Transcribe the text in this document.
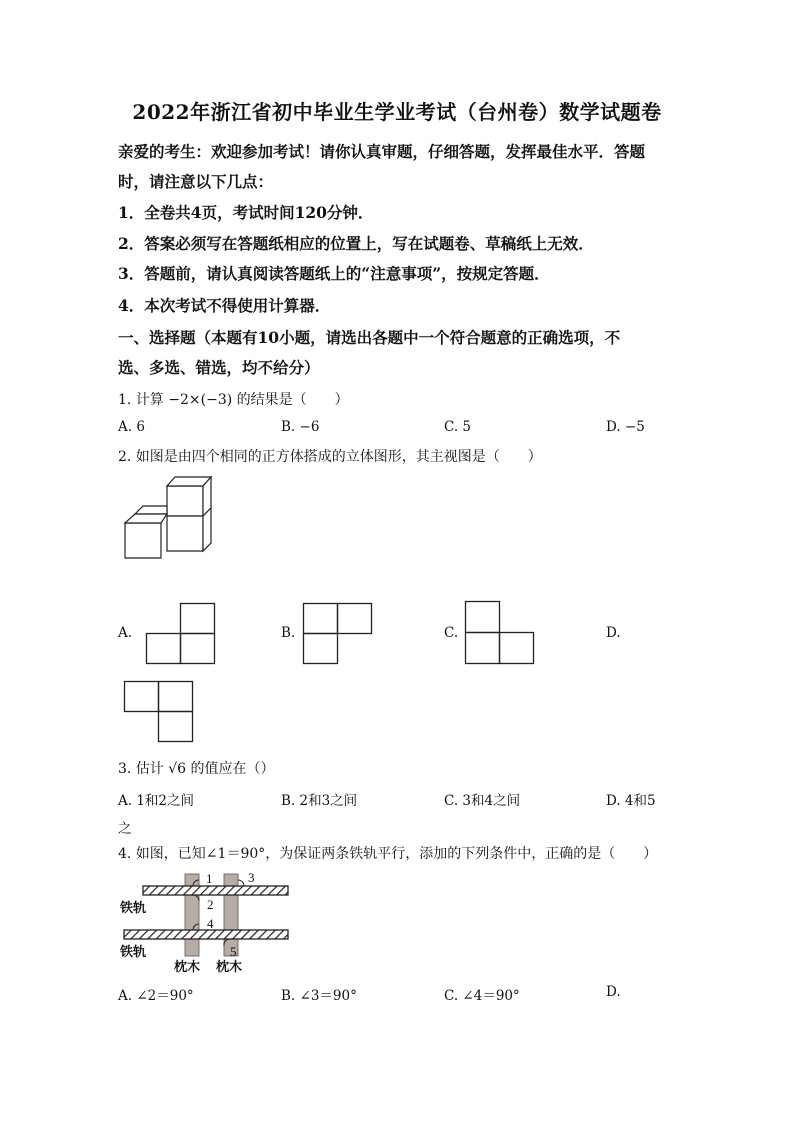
2022年浙江省初中毕业生学业考试（台州卷）数学试题卷
亲爱的考生：欢迎参加考试！请你认真审题，仔细答题，发挥最佳水平．答题
时，请注意以下几点：
1．全卷共4页，考试时间120分钟．
2．答案必须写在答题纸相应的位置上，写在试题卷、草稿纸上无效．
3．答题前，请认真阅读答题纸上的“注意事项”，按规定答题．
4．本次考试不得使用计算器．
一、选择题（本题有10小题，请选出各题中一个符合题意的正确选项，不
选、多选、错选，均不给分）
1. 计算 −2×(−3) 的结果是（　　）
A. 6	B. −6	C. 5	D. −5
2. 如图是由四个相同的正方体搭成的立体图形，其主视图是（　　）
A.	B.	C.	D.
3. 估计 √6 的值应在（）
A. 1和2之间	B. 2和3之间	C. 3和4之间	D. 4和5
之
4. 如图，已知∠1＝90°，为保证两条铁轨平行，添加的下列条件中，正确的是（　　）
1
2
3
4
5
铁轨
铁轨
枕木 枕木
A. ∠2＝90°	B. ∠3＝90°	C. ∠4＝90°	D.
